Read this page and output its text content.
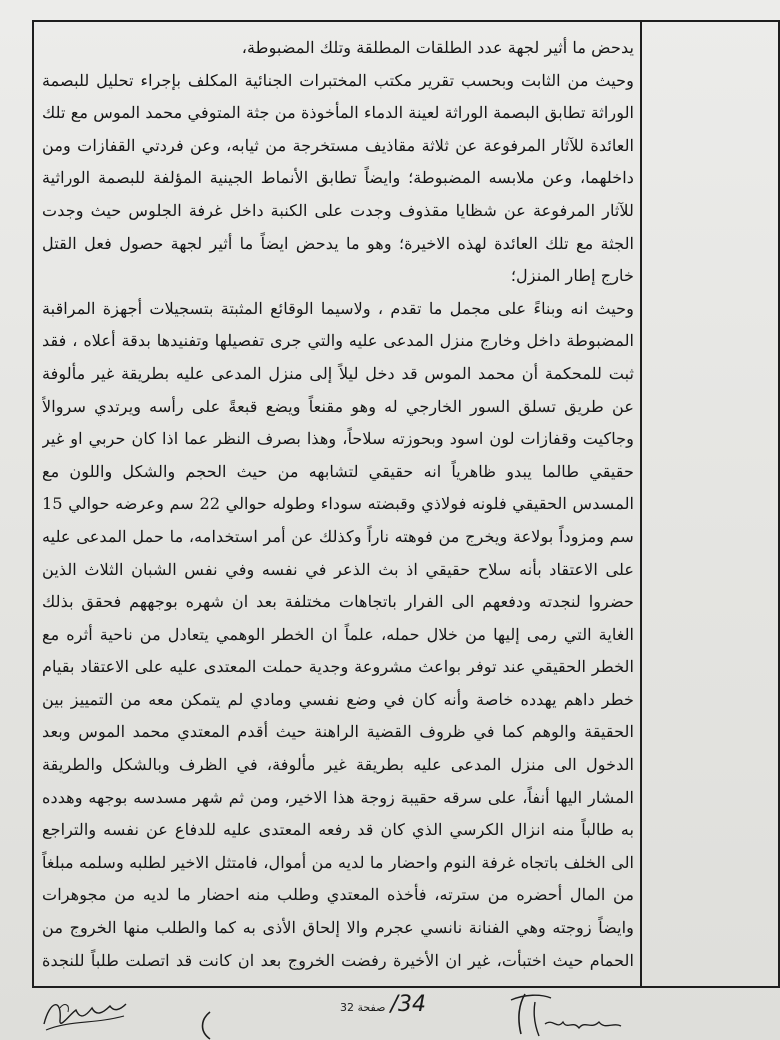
يدحض ما أثير لجهة عدد الطلقات المطلقة وتلك المضبوطة،

وحيث من الثابت وبحسب تقرير مكتب المختبرات الجنائية المكلف بإجراء تحليل للبصمة الوراثة تطابق البصمة الوراثة لعينة الدماء المأخوذة من جثة المتوفي محمد الموس مع تلك العائدة للآثار المرفوعة عن ثلاثة مقاذيف مستخرجة من ثيابه، وعن فردتي القفازات ومن داخلهما، وعن ملابسه المضبوطة؛ وايضاً تطابق الأنماط الجينية المؤلفة للبصمة الوراثية للآثار المرفوعة عن شظايا مقذوف وجدت على الكنبة داخل غرفة الجلوس حيث وجدت الجثة مع تلك العائدة لهذه الاخيرة؛ وهو ما يدحض ايضاً ما أثير لجهة حصول فعل القتل خارج إطار المنزل؛

وحيث انه وبناءً على مجمل ما تقدم ، ولاسيما الوقائع المثبتة بتسجيلات أجهزة المراقبة المضبوطة داخل وخارج منزل المدعى عليه والتي جرى تفصيلها وتفنيدها بدقة أعلاه ، فقد ثبت للمحكمة أن محمد الموس قد دخل ليلاً إلى منزل المدعى عليه بطريقة غير مألوفة عن طريق تسلق السور الخارجي له وهو مقنعاً ويضع قبعةً على رأسه ويرتدي سروالاً وجاكيت وقفازات لون اسود وبحوزته سلاحاً، وهذا بصرف النظر عما اذا كان حربي او غير حقيقي طالما يبدو ظاهرياً انه حقيقي لتشابهه من حيث الحجم والشكل واللون مع المسدس الحقيقي فلونه فولاذي وقبضته سوداء وطوله حوالي 22 سم وعرضه حوالي 15 سم ومزوداً بولاعة ويخرج من فوهته ناراً وكذلك عن أمر استخدامه، ما حمل المدعى عليه على الاعتقاد بأنه سلاح حقيقي اذ بث الذعر في نفسه وفي نفس الشبان الثلاث الذين حضروا لنجدته ودفعهم الى الفرار باتجاهات مختلفة بعد ان شهره بوجههم فحقق بذلك الغاية التي رمى إليها من خلال حمله، علماً ان الخطر الوهمي يتعادل من ناحية أثره مع الخطر الحقيقي عند توفر بواعث مشروعة وجدية حملت المعتدى عليه على الاعتقاد بقيام خطر داهم يهدده خاصة وأنه كان في وضع نفسي ومادي لم يتمكن معه من التمييز بين الحقيقة والوهم كما في ظروف القضية الراهنة حيث أقدم المعتدي محمد الموس وبعد الدخول الى منزل المدعى عليه بطريقة غير مألوفة، في الظرف وبالشكل والطريقة المشار اليها أنفاً، على سرقه حقيبة زوجة هذا الاخير، ومن ثم شهر مسدسه بوجهه وهدده به طالباً منه انزال الكرسي الذي كان قد رفعه المعتدى عليه للدفاع عن نفسه والتراجع الى الخلف باتجاه غرفة النوم واحضار ما لديه من أموال، فامتثل الاخير لطلبه وسلمه مبلغاً من المال أحضره من سترته، فأخذه المعتدي وطلب منه احضار ما لديه من مجوهرات وايضاً زوجته وهي الفنانة نانسي عجرم والا إلحاق الأذى به كما والطلب منها الخروج من الحمام حيث اختبأت، غير ان الأخيرة رفضت الخروج بعد ان كانت قد اتصلت طلباً للنجدة

34/ صفحة 32
